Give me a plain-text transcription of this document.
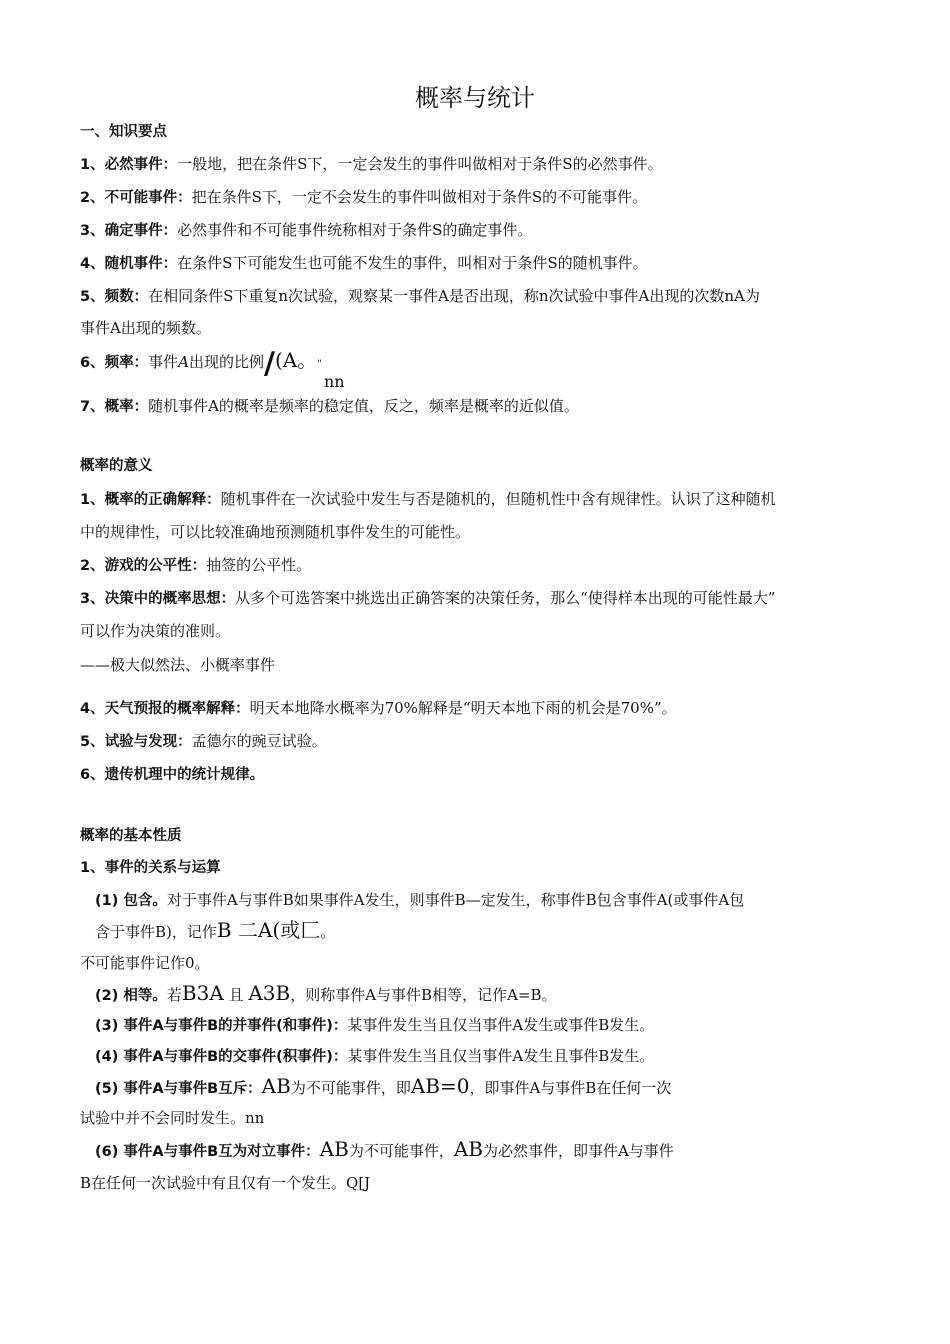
概率与统计
一、知识要点
1、必然事件：一般地，把在条件S下，一定会发生的事件叫做相对于条件S的必然事件。
2、不可能事件：把在条件S下，一定不会发生的事件叫做相对于条件S的不可能事件。
3、确定事件：必然事件和不可能事件统称相对于条件S的确定事件。
4、随机事件：在条件S下可能发生也可能不发生的事件，叫相对于条件S的随机事件。
5、频数：在相同条件S下重复n次试验，观察某一事件A是否出现，称n次试验中事件A出现的次数nA为
事件A出现的频数。
6、频率：事件A出现的比例/(A。"
nn
7、概率：随机事件A的概率是频率的稳定值，反之，频率是概率的近似值。
概率的意义
1、概率的正确解释：随机事件在一次试验中发生与否是随机的，但随机性中含有规律性。认识了这种随机
中的规律性，可以比较准确地预测随机事件发生的可能性。
2、游戏的公平性：抽签的公平性。
3、决策中的概率思想：从多个可选答案中挑选出正确答案的决策任务，那么“使得样本出现的可能性最大”
可以作为决策的准则。
——极大似然法、小概率事件
4、天气预报的概率解释：明天本地降水概率为70%解释是“明天本地下雨的机会是70%”。
5、试验与发现：孟德尔的豌豆试验。
6、遗传机理中的统计规律。
概率的基本性质
1、事件的关系与运算
(1) 包含。对于事件A与事件B如果事件A发生，则事件B—定发生，称事件B包含事件A(或事件A包
含于事件B)，记作B 二A(或匚。
不可能事件记作0。
(2) 相等。若B3A 且 A3B，则称事件A与事件B相等，记作A=B。
(3) 事件A与事件B的并事件(和事件)：某事件发生当且仅当事件A发生或事件B发生。
(4) 事件A与事件B的交事件(积事件)：某事件发生当且仅当事件A发生且事件B发生。
(5) 事件A与事件B互斥：AB为不可能事件，即AB=0，即事件A与事件B在任何一次
试验中并不会同时发生。nn
(6) 事件A与事件B互为对立事件：AB为不可能事件，AB为必然事件，即事件A与事件
B在任何一次试验中有且仅有一个发生。Q[J
